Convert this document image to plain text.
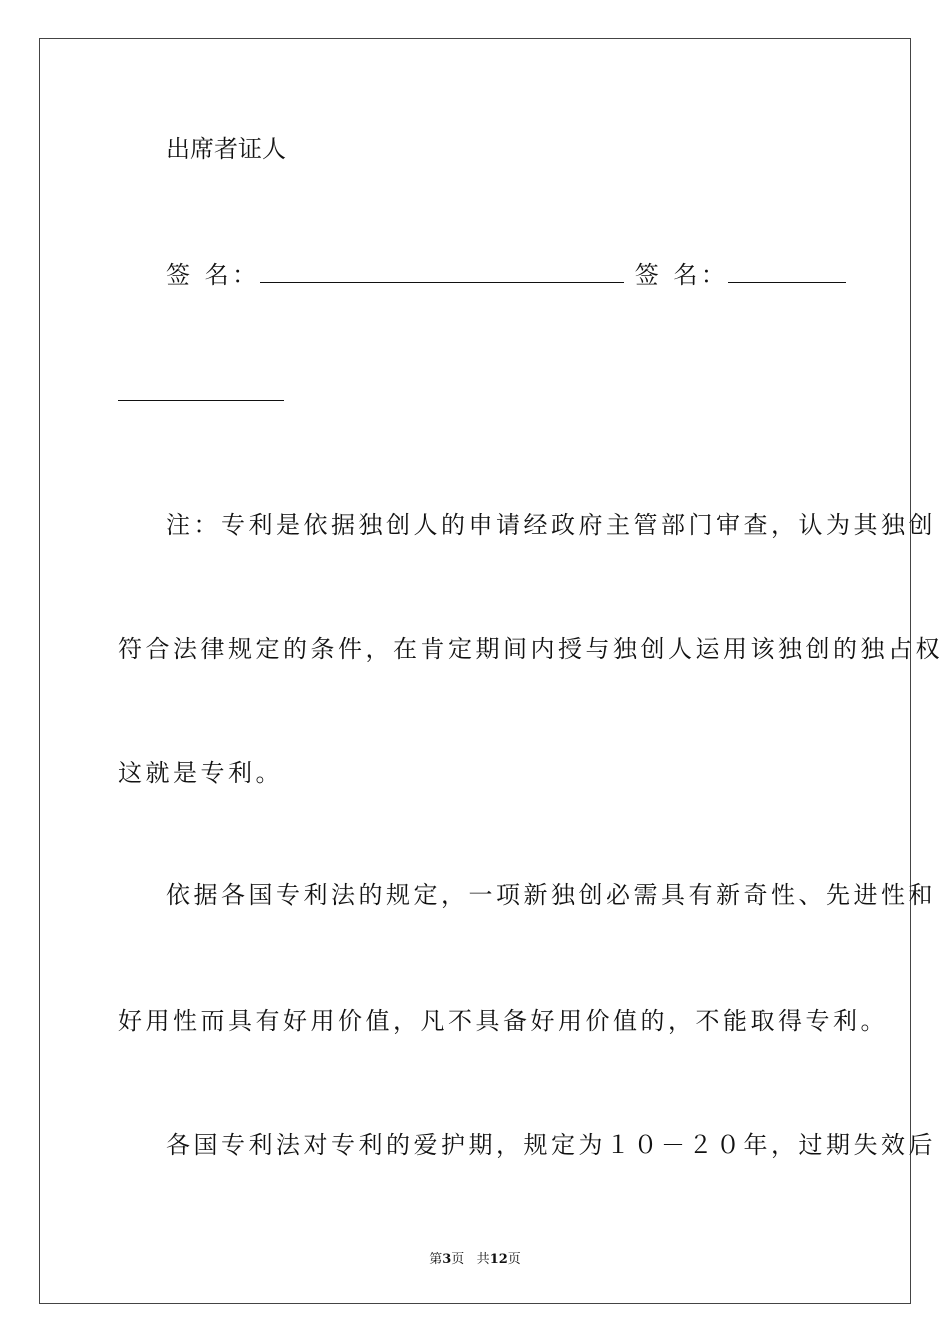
出席者证人
签 名：	签 名：
注：专利是依据独创人的申请经政府主管部门审查，认为其独创
符合法律规定的条件，在肯定期间内授与独创人运用该独创的独占权
这就是专利。
依据各国专利法的规定，一项新独创必需具有新奇性、先进性和
好用性而具有好用价值，凡不具备好用价值的，不能取得专利。
各国专利法对专利的爱护期，规定为１０－２０年，过期失效后
第3页 共12页
